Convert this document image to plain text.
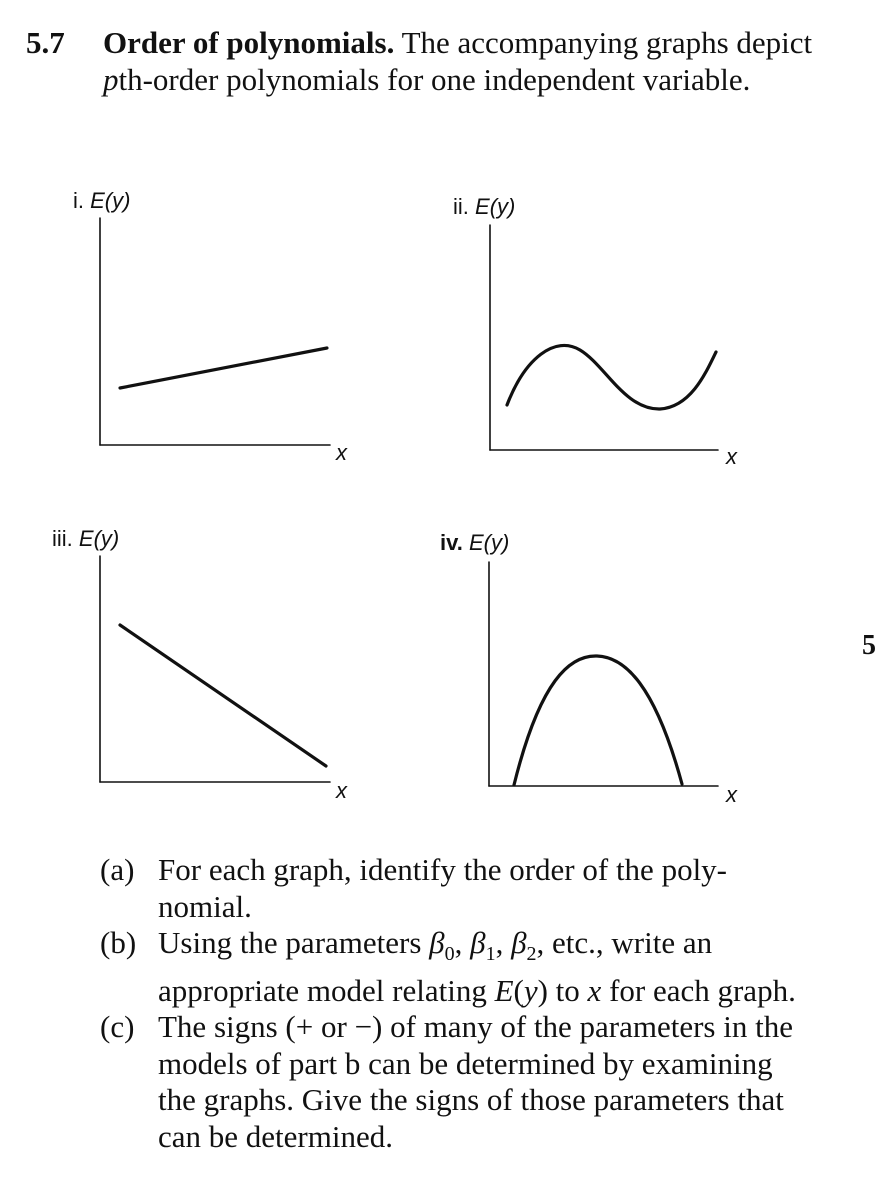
5.7 Order of polynomials. The accompanying graphs depict pth-order polynomials for one independent variable.
i. E(y)	ii. E(y)
iii. E(y)	iv. E(y)
x	x
x	x
5
(a) For each graph, identify the order of the poly-
nomial.
(b) Using the parameters $\beta_0$, $\beta_1$, $\beta_2$, etc., write an appropriate model relating E(y) to x for each graph.
(c) The signs (+ or −) of many of the parameters in the models of part b can be determined by examining the graphs. Give the signs of those parameters that can be determined.
